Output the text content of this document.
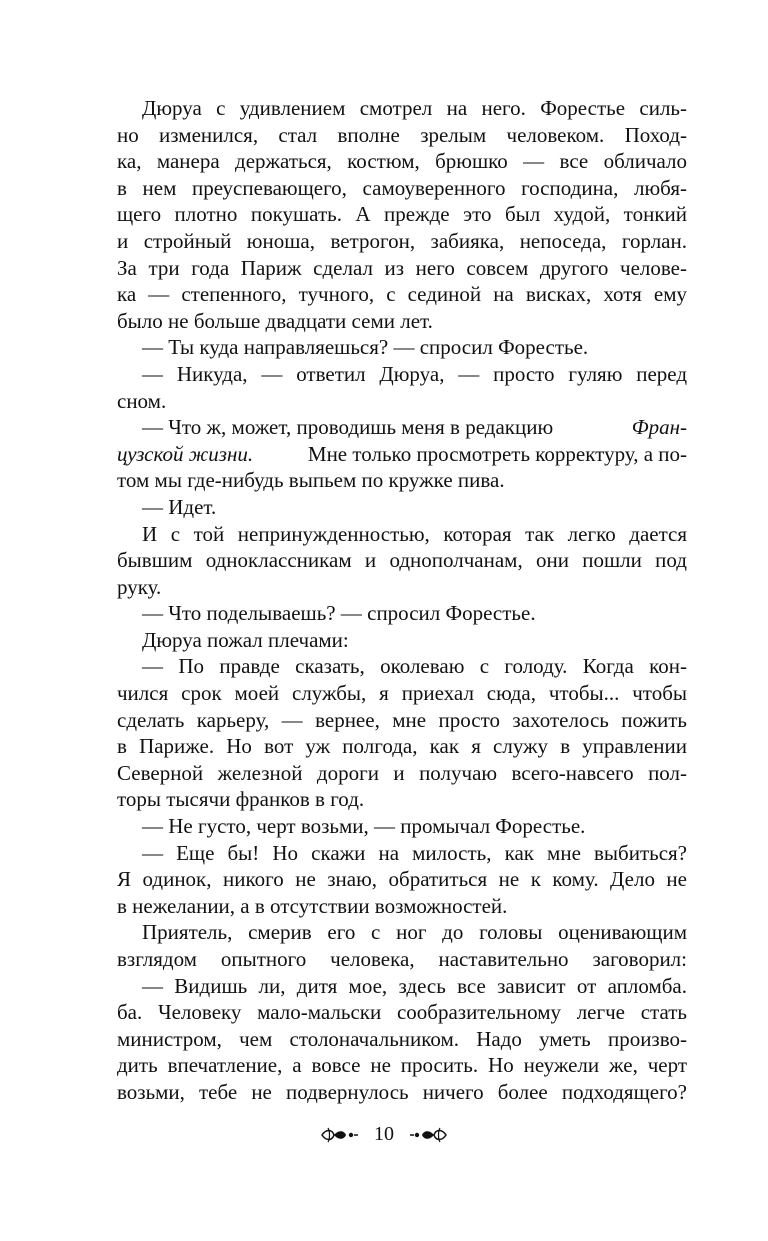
Дюруа с удивлением смотрел на него. Форестье силь-
но изменился, стал вполне зрелым человеком. Поход-
ка, манера держаться, костюм, брюшко — все обличало
в нем преуспевающего, самоуверенного господина, любя-
щего плотно покушать. А прежде это был худой, тонкий
и стройный юноша, ветрогон, забияка, непоседа, горлан.
За три года Париж сделал из него совсем другого челове-
ка — степенного, тучного, с сединой на висках, хотя ему
было не больше двадцати семи лет.
— Ты куда направляешься? — спросил Форестье.
— Никуда, — ответил Дюруа, — просто гуляю перед
сном.
— Что ж, может, проводишь меня в редакцию	Фран-
цузской жизни.	Мне только просмотреть корректуру, а по-
том мы где-нибудь выпьем по кружке пива.
— Идет.
И с той непринужденностью, которая так легко дается
бывшим одноклассникам и однополчанам, они пошли под
руку.
— Что поделываешь? — спросил Форестье.
Дюруа пожал плечами:
— По правде сказать, околеваю с голоду. Когда кон-
чился срок моей службы, я приехал сюда, чтобы... чтобы
сделать карьеру, — вернее, мне просто захотелось пожить
в Париже. Но вот уж полгода, как я служу в управлении
Северной железной дороги и получаю всего-навсего пол-
торы тысячи франков в год.
— Не густо, черт возьми, — промычал Форестье.
— Еще бы! Но скажи на милость, как мне выбиться?
Я одинок, никого не знаю, обратиться не к кому. Дело не
в нежелании, а в отсутствии возможностей.
Приятель, смерив его с ног до головы оценивающим
взглядом опытного человека, наставительно заговорил:
— Видишь ли, дитя мое, здесь все зависит от апломба.
ба. Человеку мало-мальски сообразительному легче стать
министром, чем столоначальником. Надо уметь произво-
дить впечатление, а вовсе не просить. Но неужели же, черт
возьми, тебе не подвернулось ничего более подходящего?
10
